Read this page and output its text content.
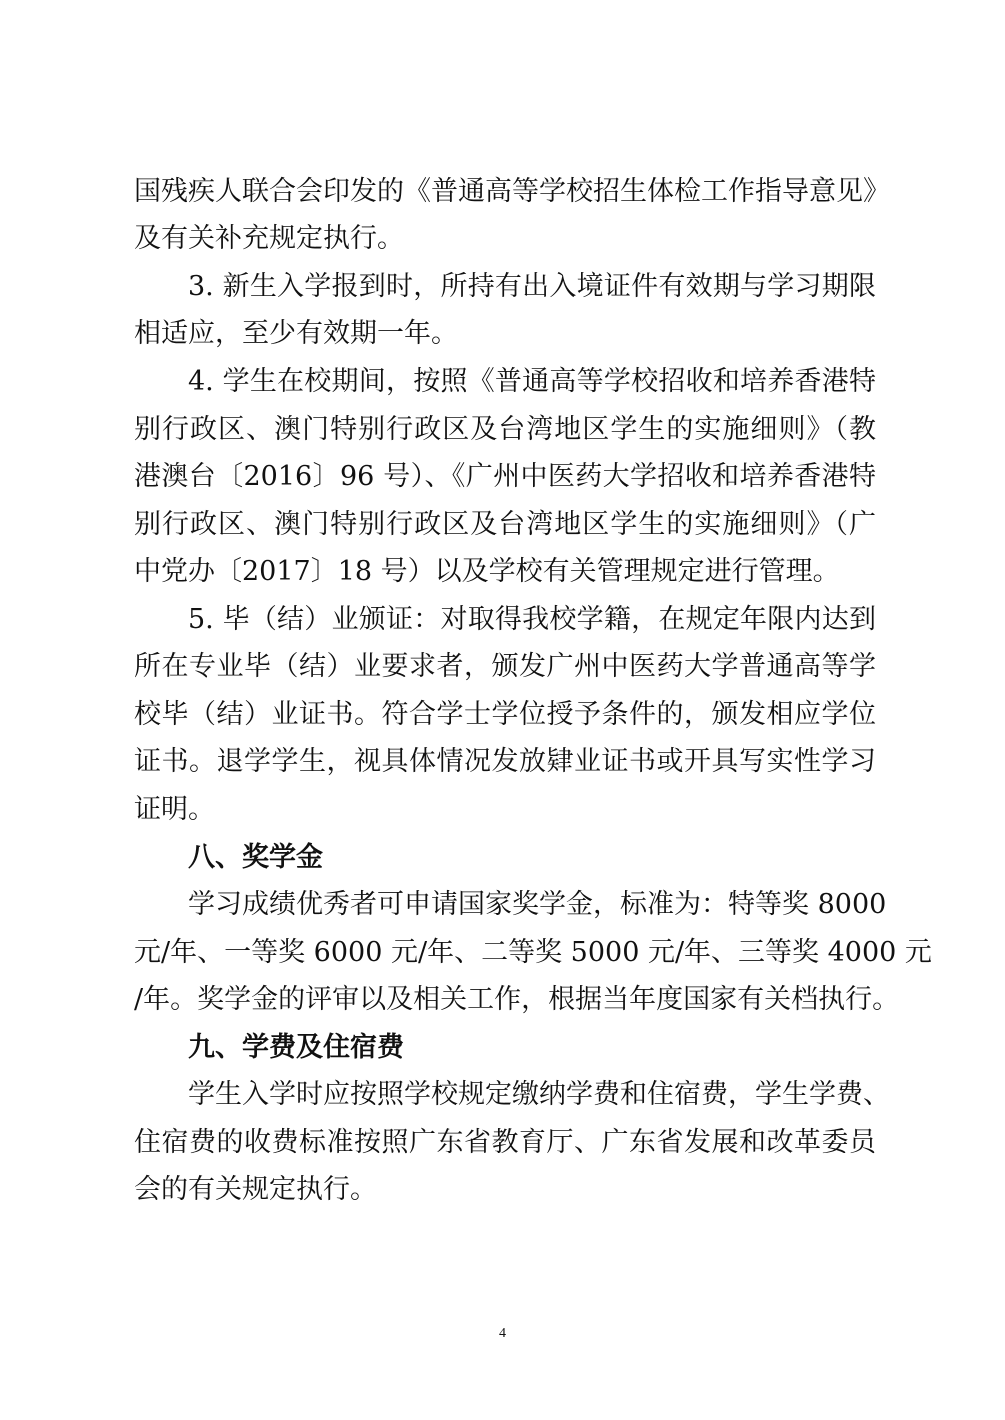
国残疾人联合会印发的《普通高等学校招生体检工作指导意见》
及有关补充规定执行。
3. 新生入学报到时，所持有出入境证件有效期与学习期限
相适应，至少有效期一年。
4. 学生在校期间，按照《普通高等学校招收和培养香港特
别行政区、澳门特别行政区及台湾地区学生的实施细则》（教
港澳台〔2016〕96 号）、《广州中医药大学招收和培养香港特
别行政区、澳门特别行政区及台湾地区学生的实施细则》（广
中党办〔2017〕18 号）以及学校有关管理规定进行管理。
5. 毕（结）业颁证：对取得我校学籍，在规定年限内达到
所在专业毕（结）业要求者，颁发广州中医药大学普通高等学
校毕（结）业证书。符合学士学位授予条件的，颁发相应学位
证书。退学学生，视具体情况发放肄业证书或开具写实性学习
证明。
八、奖学金
学习成绩优秀者可申请国家奖学金，标准为：特等奖 8000
元/年、一等奖 6000 元/年、二等奖 5000 元/年、三等奖 4000 元
/年。奖学金的评审以及相关工作，根据当年度国家有关档执行。
九、学费及住宿费
学生入学时应按照学校规定缴纳学费和住宿费，学生学费、
住宿费的收费标准按照广东省教育厅、广东省发展和改革委员
会的有关规定执行。
4
